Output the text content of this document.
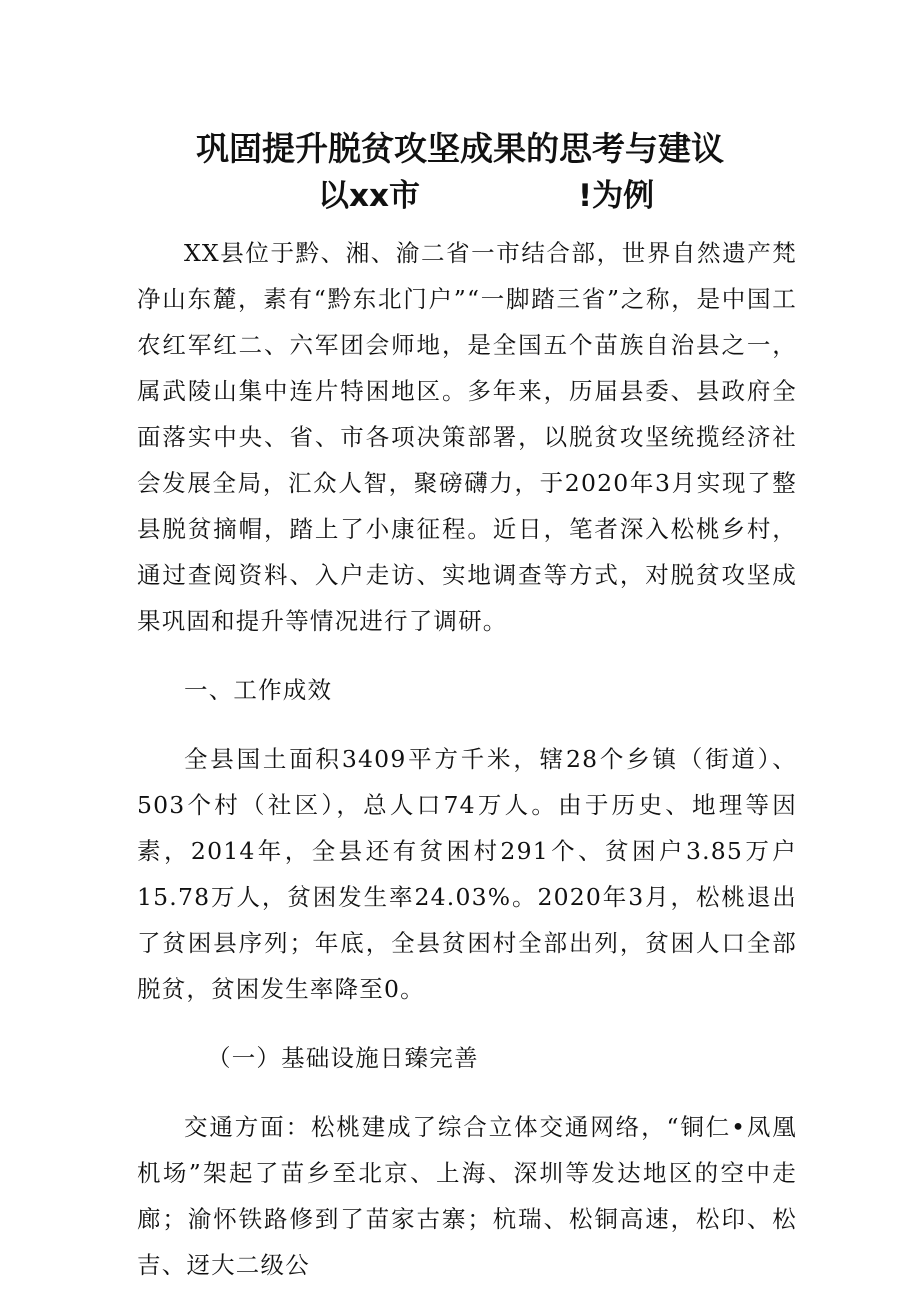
巩固提升脱贫攻坚成果的思考与建议
以xx市	!为例

XX县位于黔、湘、渝二省一市结合部，世界自然遗产梵净山东麓，素有“黔东北门户”“一脚踏三省”之称，是中国工农红军红二、六军团会师地，是全国五个苗族自治县之一，属武陵山集中连片特困地区。多年来，历届县委、县政府全面落实中央、省、市各项决策部署，以脱贫攻坚统揽经济社会发展全局，汇众人智，聚磅礴力，于2020年3月实现了整县脱贫摘帽，踏上了小康征程。近日，笔者深入松桃乡村，通过查阅资料、入户走访、实地调查等方式，对脱贫攻坚成果巩固和提升等情况进行了调研。

一、工作成效

全县国土面积3409平方千米，辖28个乡镇（街道）、503个村（社区），总人口74万人。由于历史、地理等因素，2014年，全县还有贫困村291个、贫困户3.85万户15.78万人，贫困发生率24.03%。2020年3月，松桃退出了贫困县序列；年底，全县贫困村全部出列，贫困人口全部脱贫，贫困发生率降至0。

（一）基础设施日臻完善

交通方面：松桃建成了综合立体交通网络，“铜仁•凤凰机场”架起了苗乡至北京、上海、深圳等发达地区的空中走廊；渝怀铁路修到了苗家古寨；杭瑞、松铜高速，松印、松吉、迓大二级公
